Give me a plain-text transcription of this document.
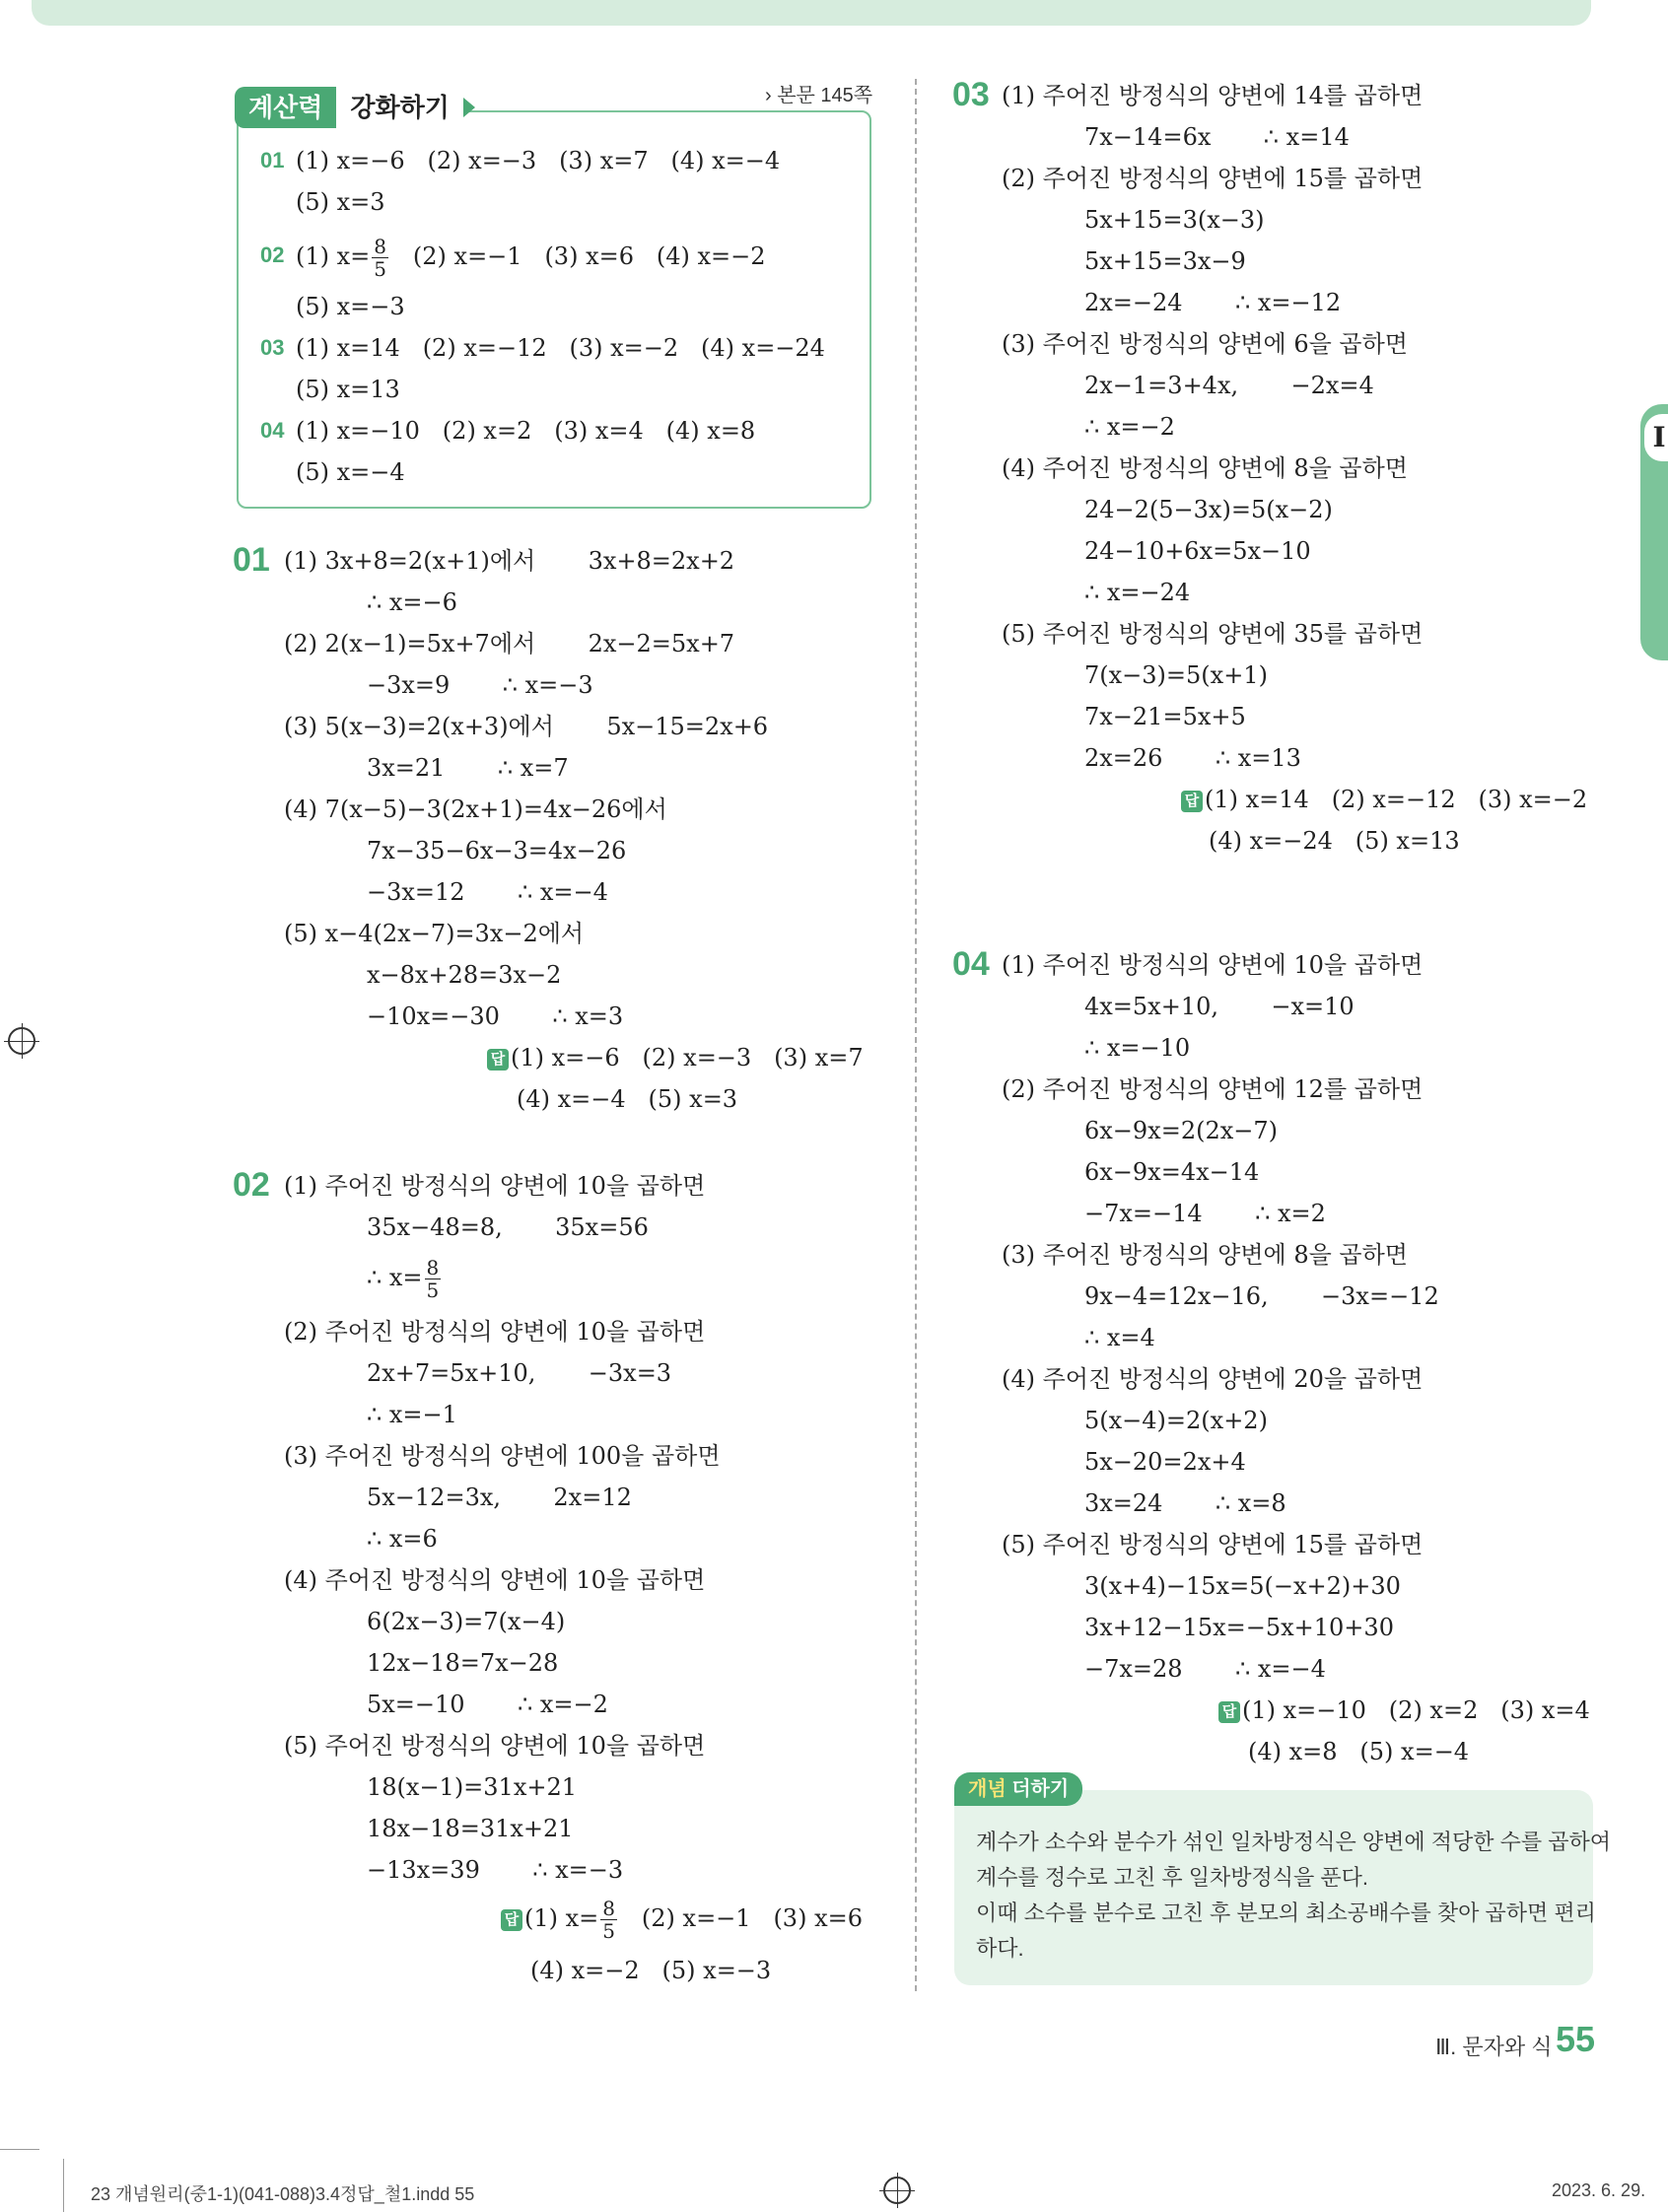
I
계산력	강화하기	› 본문 145쪽
01 (1) x=−6   (2) x=−3   (3) x=7   (4) x=−4
(5) x=3
02 (1) $x= \frac{8}{5} (2)$ x=−1   (3) x=6   (4) x=−2
(5) x=−3
03 (1) x=14   (2) x=−12   (3) x=−2   (4) x=−24
(5) x=13
04 (1) x=−10   (2) x=2   (3) x=4   (4) x=8
(5) x=−4
01 (1) 3x+8=2(x+1)에서       3x+8=2x+2
∴ x=−6
(2) 2(x−1)=5x+7에서       2x−2=5x+7
−3x=9       ∴ x=−3
(3) 5(x−3)=2(x+3)에서       5x−15=2x+6
3x=21       ∴ x=7
(4) 7(x−5)−3(2x+1)=4x−26에서
7x−35−6x−3=4x−26
−3x=12       ∴ x=−4
(5) x−4(2x−7)=3x−2에서
x−8x+28=3x−2
−10x=−30       ∴ x=3
답 (1) x=−6   (2) x=−3   (3) x=7
(4) x=−4   (5) x=3
02 (1) 주어진 방정식의 양변에 10을 곱하면
35x−48=8,       35x=56
∴ $x= \frac{8}{5}$
(2) 주어진 방정식의 양변에 10을 곱하면
2x+7=5x+10,       −3x=3
∴ x=−1
(3) 주어진 방정식의 양변에 100을 곱하면
5x−12=3x,       2x=12
∴ x=6
(4) 주어진 방정식의 양변에 10을 곱하면
6(2x−3)=7(x−4)
12x−18=7x−28
5x=−10       ∴ x=−2
(5) 주어진 방정식의 양변에 10을 곱하면
18(x−1)=31x+21
18x−18=31x+21
−13x=39       ∴ x=−3
답 (1) $x= \frac{8}{5} (2)$ x=−1   (3) x=6
(4) x=−2   (5) x=−3
03 (1) 주어진 방정식의 양변에 14를 곱하면
7x−14=6x       ∴ x=14
(2) 주어진 방정식의 양변에 15를 곱하면
5x+15=3(x−3)
5x+15=3x−9
2x=−24       ∴ x=−12
(3) 주어진 방정식의 양변에 6을 곱하면
2x−1=3+4x,       −2x=4
∴ x=−2
(4) 주어진 방정식의 양변에 8을 곱하면
24−2(5−3x)=5(x−2)
24−10+6x=5x−10
∴ x=−24
(5) 주어진 방정식의 양변에 35를 곱하면
7(x−3)=5(x+1)
7x−21=5x+5
2x=26       ∴ x=13
답 (1) x=14   (2) x=−12   (3) x=−2
(4) x=−24   (5) x=13
04 (1) 주어진 방정식의 양변에 10을 곱하면
4x=5x+10,       −x=10
∴ x=−10
(2) 주어진 방정식의 양변에 12를 곱하면
6x−9x=2(2x−7)
6x−9x=4x−14
−7x=−14       ∴ x=2
(3) 주어진 방정식의 양변에 8을 곱하면
9x−4=12x−16,       −3x=−12
∴ x=4
(4) 주어진 방정식의 양변에 20을 곱하면
5(x−4)=2(x+2)
5x−20=2x+4
3x=24       ∴ x=8
(5) 주어진 방정식의 양변에 15를 곱하면
3(x+4)−15x=5(−x+2)+30
3x+12−15x=−5x+10+30
−7x=28       ∴ x=−4
답 (1) x=−10   (2) x=2   (3) x=4
(4) x=8   (5) x=−4
개념 더하기
계수가 소수와 분수가 섞인 일차방정식은 양변에 적당한 수를 곱하여
계수를 정수로 고친 후 일차방정식을 푼다.
이때 소수를 분수로 고친 후 분모의 최소공배수를 찾아 곱하면 편리
하다.
Ⅲ. 문자와 식 55
23 개념원리(중1-1)(041-088)3.4정답_철1.indd 55	2023. 6. 29.
